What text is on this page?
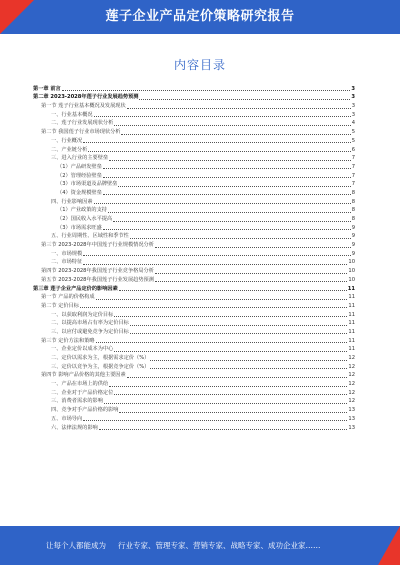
莲子企业产品定价策略研究报告
内容目录
第一章 前言	3
第二章 2023-2028年莲子行业发展趋势预测	3
第一节 莲子行业基本概况及发展现状	3
一、行业基本概况	3
二、莲子行业发展现状分析	4
第二节 我国莲子行业市场现状分析	5
一、行业概况	5
二、产业链分析	6
三、进入行业的主要壁垒	7
（1）产品研发壁垒	7
（2）管理经验壁垒	7
（3）市场渠道及品牌壁垒	7
（4）资金规模壁垒	8
四、行业影响因素	8
（1）产业政策的支持	8
（2）国民收入水平提高	8
（3）市场需求旺盛	9
五、行业周期性、区域性和季节性	9
第三节 2023-2028年中国莲子行业规模情况分析	9
一、市场规模	9
二、市场特征	10
第四节 2023-2028年我国莲子行业竞争格局分析	10
第五节 2023-2028年我国莲子行业发展趋势预测	10
第三章 莲子企业产品定价的影响因素	11
第一节 产品的价格构成	11
第二节 定价目标	11
一、以获取利润为定价目标	11
二、以提高市场占有率为定价目标	11
三、以应付或避免竞争为定价目标	11
第三节 定价方法和策略	11
一、企业定价以成本为中心	11
二、定价以需求为主，根据需求定价（%）	12
三、定价以竞争为主，根据竞争定价（%）	12
第四节 影响产品价格的其他主要因素	12
一、产品在市场上的供给	12
二、企业对于产品价格定位	12
三、消费者需求的影响	12
四、竞争对手产品价格的影响	13
五、市场导向	13
六、法律法规的影响	13
让每个人都能成为 行业专家、管理专家、营销专家、战略专家、成功企业家……
